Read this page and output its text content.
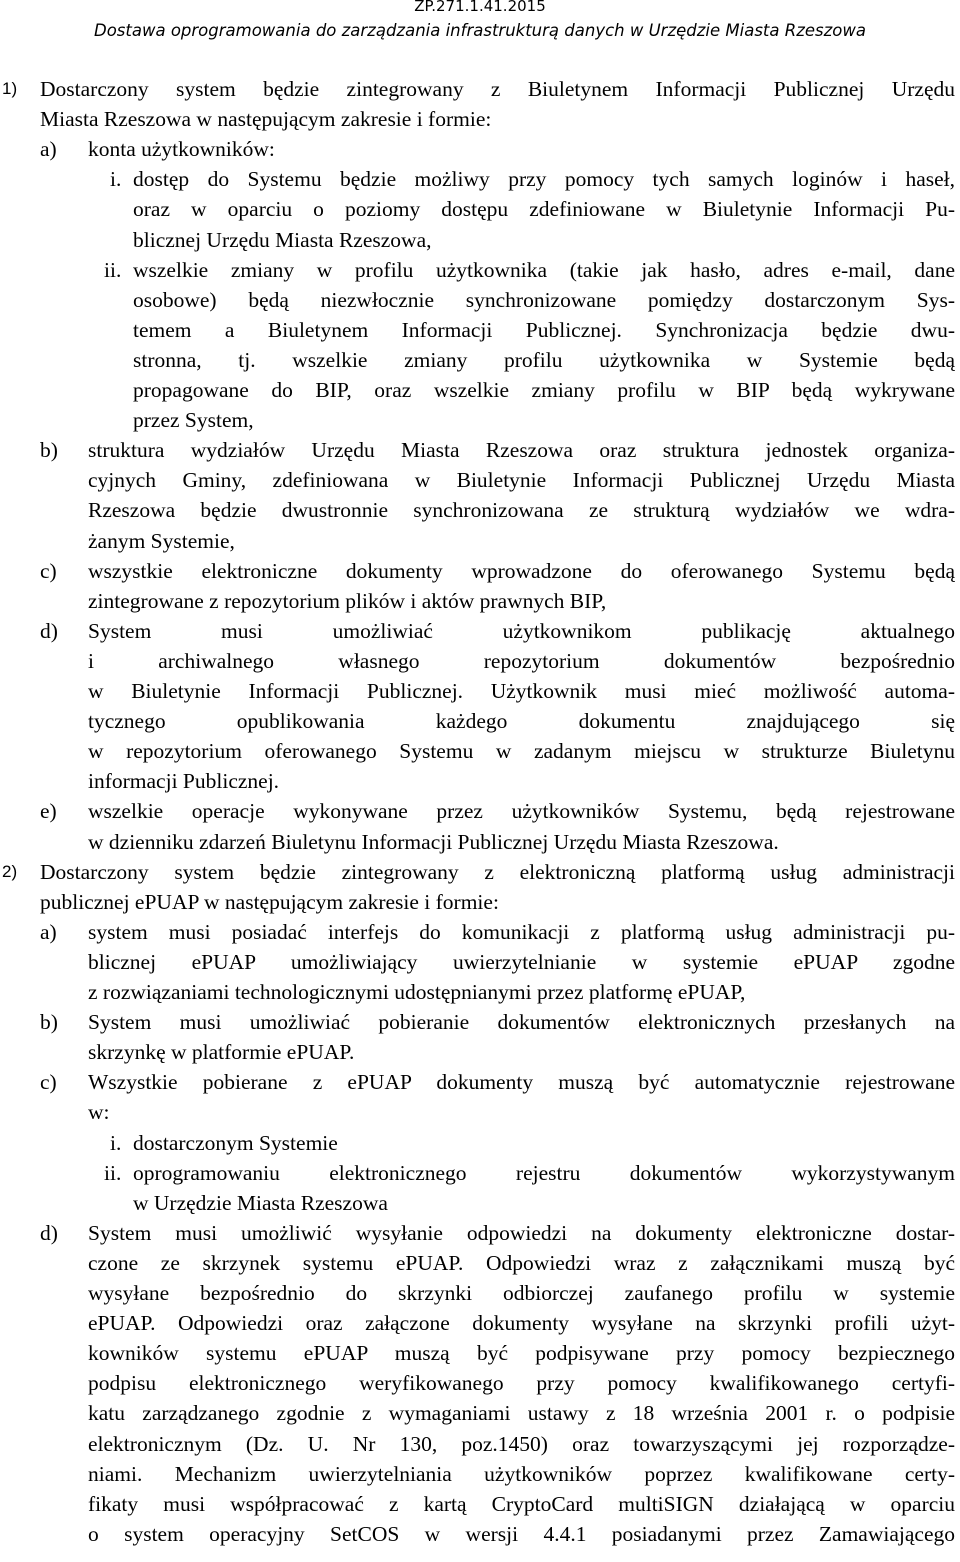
ZP.271.1.41.2015
Dostawa oprogramowania do zarządzania infrastrukturą danych w Urzędzie Miasta Rzeszowa
1) Dostarczony system będzie zintegrowany z Biuletynem Informacji Publicznej Urzędu
Miasta Rzeszowa w następującym zakresie i formie:
a) konta użytkowników:
i. dostęp do Systemu będzie możliwy przy pomocy tych samych loginów i haseł,
oraz w oparciu o poziomy dostępu zdefiniowane w Biuletynie Informacji Pu-
blicznej Urzędu Miasta Rzeszowa,
ii. wszelkie zmiany w profilu użytkownika (takie jak hasło, adres e-mail, dane
osobowe) będą niezwłocznie synchronizowane pomiędzy dostarczonym Sys-
temem a Biuletynem Informacji Publicznej. Synchronizacja będzie dwu-
stronna, tj. wszelkie zmiany profilu użytkownika w Systemie będą
propagowane do BIP, oraz wszelkie zmiany profilu w BIP będą wykrywane
przez System,
b) struktura wydziałów Urzędu Miasta Rzeszowa oraz struktura jednostek organiza-
cyjnych Gminy, zdefiniowana w Biuletynie Informacji Publicznej Urzędu Miasta
Rzeszowa będzie dwustronnie synchronizowana ze strukturą wydziałów we wdra-
żanym Systemie,
c) wszystkie elektroniczne dokumenty wprowadzone do oferowanego Systemu będą
zintegrowane z repozytorium plików i aktów prawnych BIP,
d) System musi umożliwiać użytkownikom publikację aktualnego
i archiwalnego własnego repozytorium dokumentów bezpośrednio
w Biuletynie Informacji Publicznej. Użytkownik musi mieć możliwość automa-
tycznego opublikowania każdego dokumentu znajdującego się
w repozytorium oferowanego Systemu w zadanym miejscu w strukturze Biuletynu
informacji Publicznej.
e) wszelkie operacje wykonywane przez użytkowników Systemu, będą rejestrowane
w dzienniku zdarzeń Biuletynu Informacji Publicznej Urzędu Miasta Rzeszowa.
2) Dostarczony system będzie zintegrowany z elektroniczną platformą usług administracji
publicznej ePUAP w następującym zakresie i formie:
a) system musi posiadać interfejs do komunikacji z platformą usług administracji pu-
blicznej ePUAP umożliwiający uwierzytelnianie w systemie ePUAP zgodne
z rozwiązaniami technologicznymi udostępnianymi przez platformę ePUAP,
b) System musi umożliwiać pobieranie dokumentów elektronicznych przesłanych na
skrzynkę w platformie ePUAP.
c) Wszystkie pobierane z ePUAP dokumenty muszą być automatycznie rejestrowane
w:
i. dostarczonym Systemie
ii. oprogramowaniu elektronicznego rejestru dokumentów wykorzystywanym
w Urzędzie Miasta Rzeszowa
d) System musi umożliwić wysyłanie odpowiedzi na dokumenty elektroniczne dostar-
czone ze skrzynek systemu ePUAP. Odpowiedzi wraz z załącznikami muszą być
wysyłane bezpośrednio do skrzynki odbiorczej zaufanego profilu w systemie
ePUAP. Odpowiedzi oraz załączone dokumenty wysyłane na skrzynki profili użyt-
kowników systemu ePUAP muszą być podpisywane przy pomocy bezpiecznego
podpisu elektronicznego weryfikowanego przy pomocy kwalifikowanego certyfi-
katu zarządzanego zgodnie z wymaganiami ustawy z 18 września 2001 r. o podpisie
elektronicznym (Dz. U. Nr 130, poz.1450) oraz towarzyszącymi jej rozporządze-
niami. Mechanizm uwierzytelniania użytkowników poprzez kwalifikowane certy-
fikaty musi współpracować z kartą CryptoCard multiSIGN działającą w oparciu
o system operacyjny SetCOS w wersji 4.4.1 posiadanymi przez Zamawiającego
